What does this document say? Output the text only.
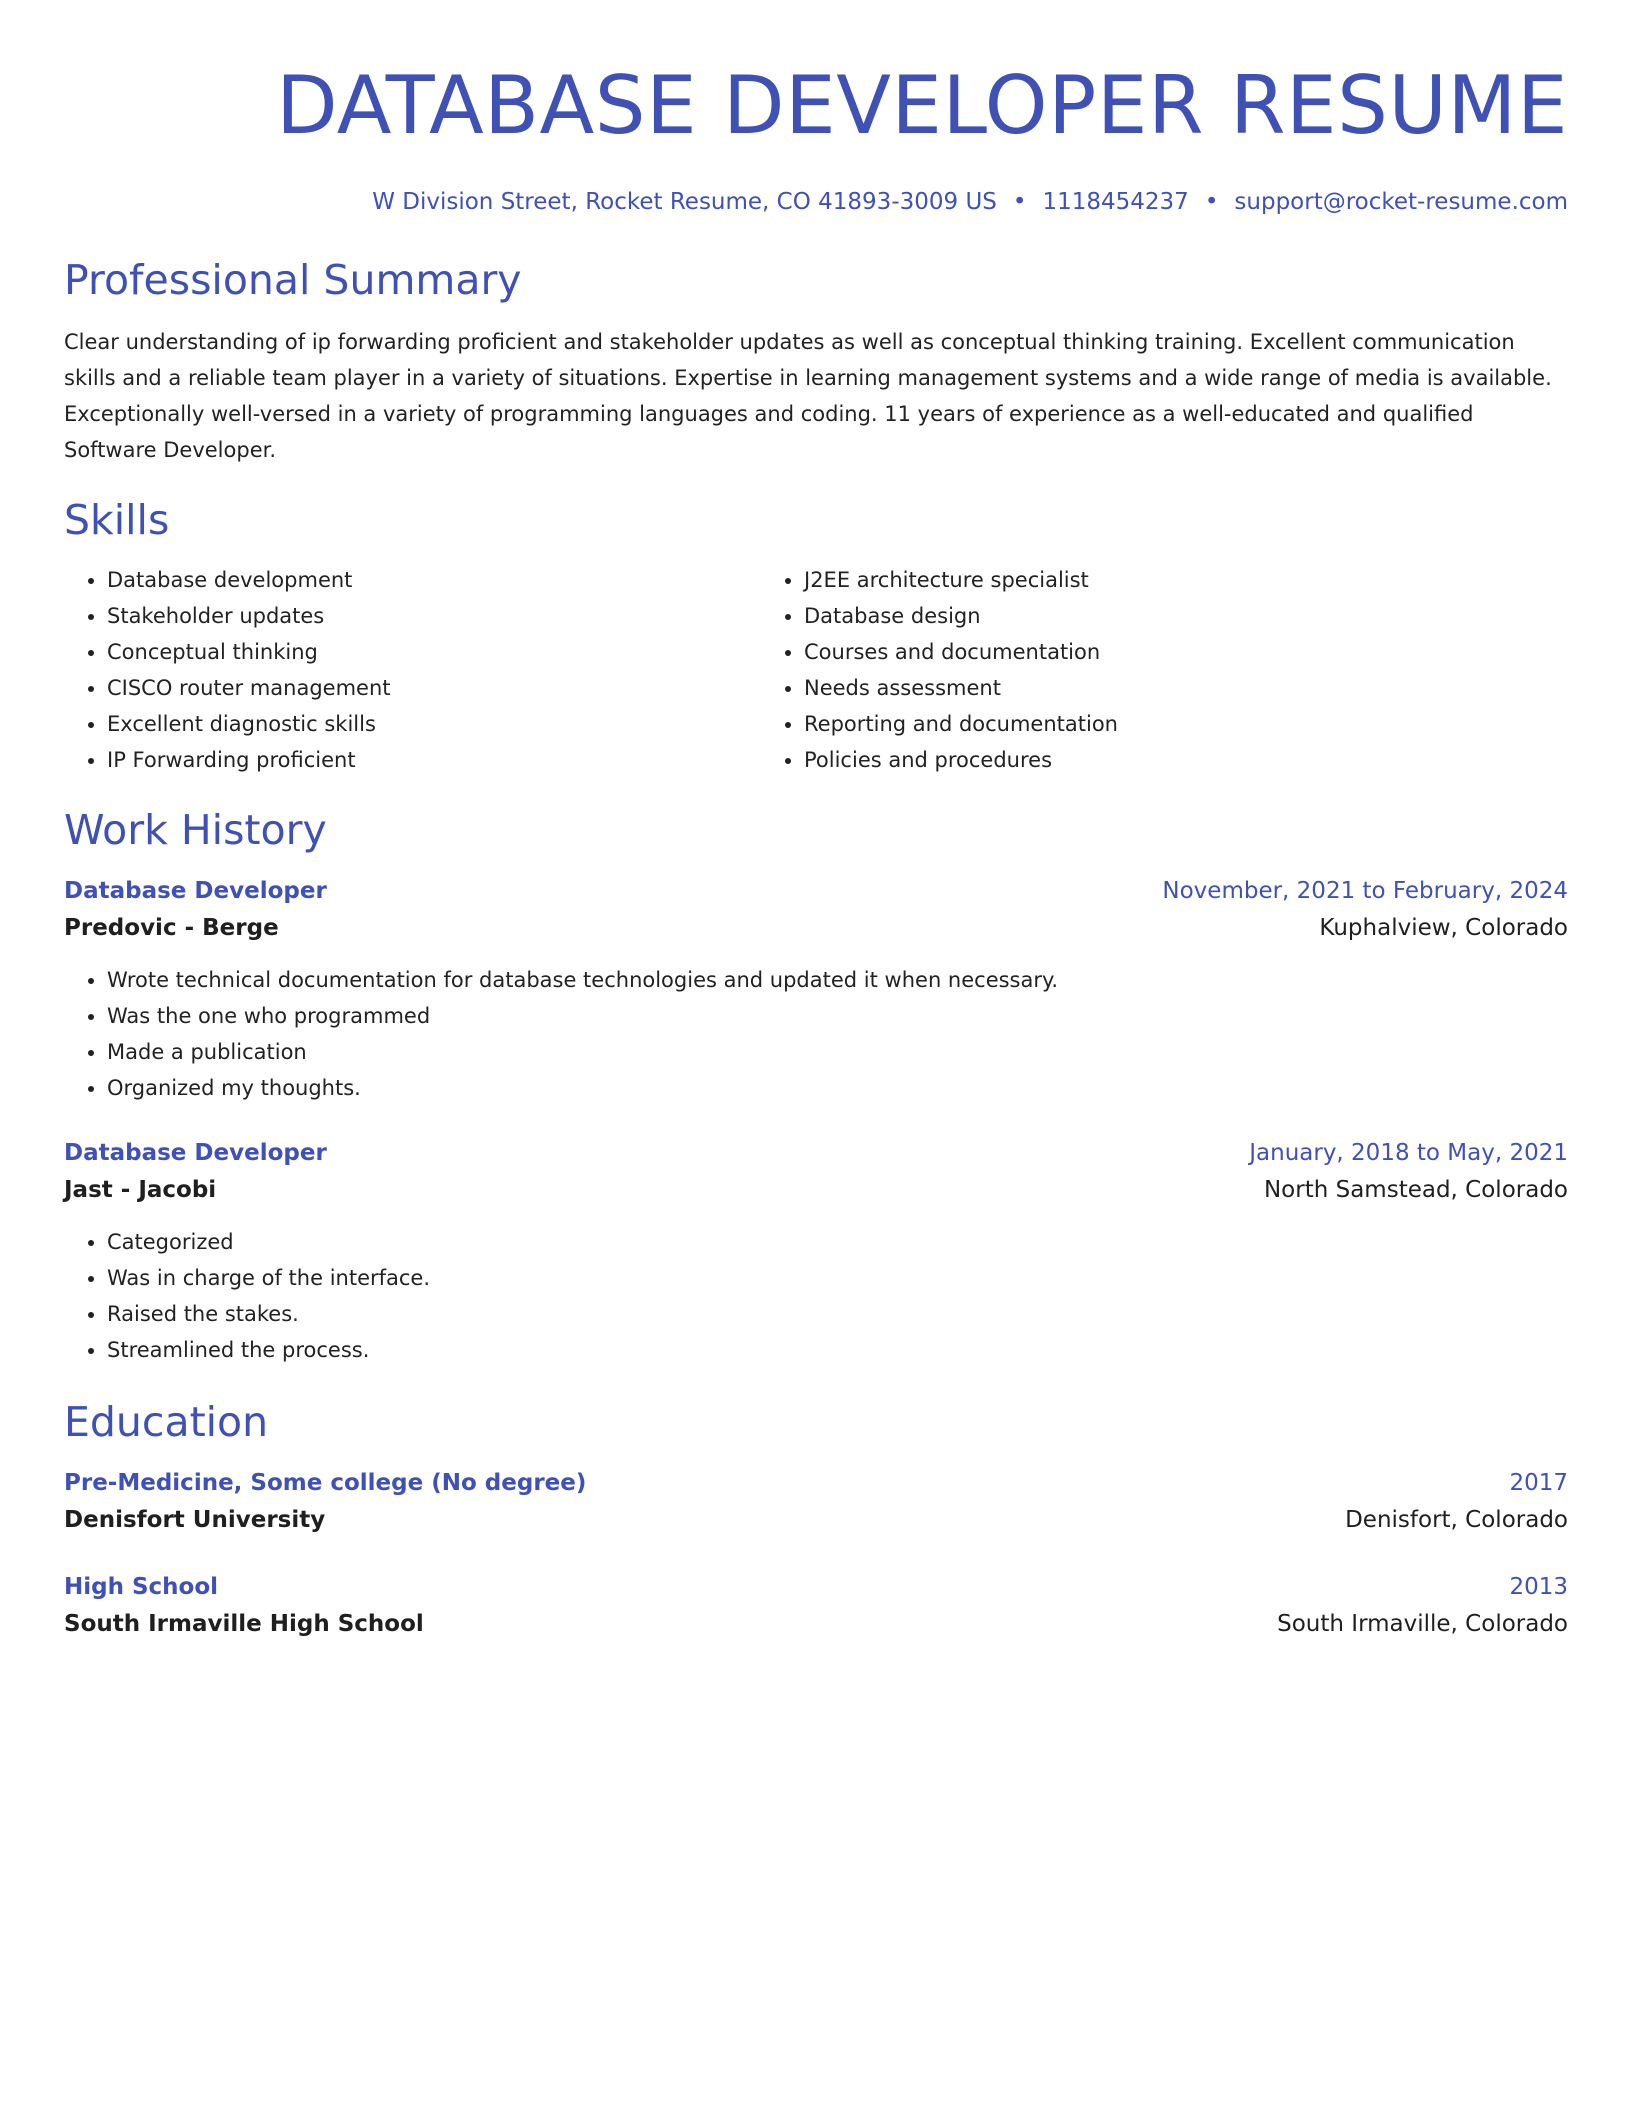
DATABASE DEVELOPER RESUME
W Division Street, Rocket Resume, CO 41893-3009 US • 1118454237 • support@rocket-resume.com
Professional Summary
Clear understanding of ip forwarding proficient and stakeholder updates as well as conceptual thinking training. Excellent communication skills and a reliable team player in a variety of situations. Expertise in learning management systems and a wide range of media is available. Exceptionally well-versed in a variety of programming languages and coding. 11 years of experience as a well-educated and qualified Software Developer.
Skills
• Database development
• Stakeholder updates
• Conceptual thinking
• CISCO router management
• Excellent diagnostic skills
• IP Forwarding proficient
• J2EE architecture specialist
• Database design
• Courses and documentation
• Needs assessment
• Reporting and documentation
• Policies and procedures
Work History
Database Developer	November, 2021 to February, 2024
Predovic - Berge	Kuphalview, Colorado
• Wrote technical documentation for database technologies and updated it when necessary.
• Was the one who programmed
• Made a publication
• Organized my thoughts.
Database Developer	January, 2018 to May, 2021
Jast - Jacobi	North Samstead, Colorado
• Categorized
• Was in charge of the interface.
• Raised the stakes.
• Streamlined the process.
Education
Pre-Medicine, Some college (No degree)	2017
Denisfort University	Denisfort, Colorado
High School	2013
South Irmaville High School	South Irmaville, Colorado
